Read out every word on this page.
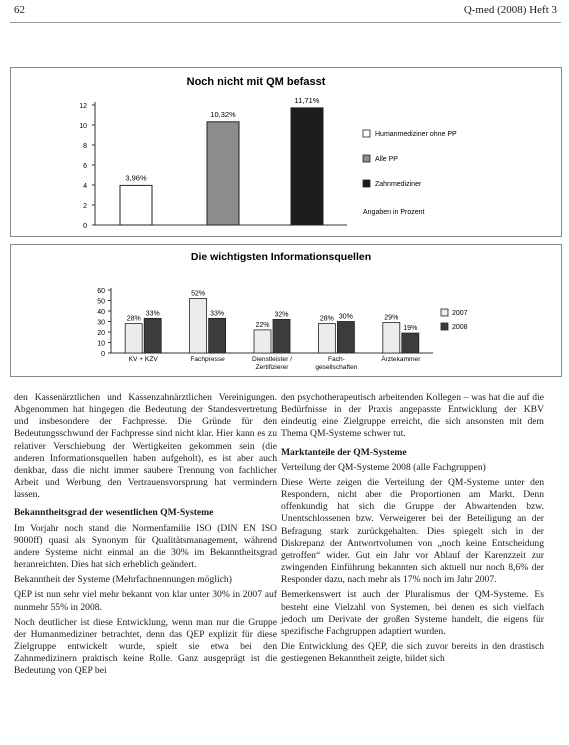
62	Q-med (2008) Heft 3
Noch nicht mit QM befasst
0
2
4
6
8
10
12
3,96%
10,32%
11,71%
Humanmediziner ohne PP
Alle PP
Zahnmediziner
Angaben in Prozent
Die wichtigsten Informationsquellen
0
10
20
30
40
50
60
28%
33%
KV + KZV
52%
33%
Fachpresse
22%
32%
Dienstleister /
Zertifizierer
28% 30%
Fach-
gesellschaften
29%
19%
Ärztekammer
2007
2008

den Kassenärztlichen und Kassenzahnärztlichen Vereinigungen. Abgenommen hat hingegen die Bedeutung der Standesvertretung und insbesondere der Fachpresse. Die Gründe für den Bedeutungsschwund der Fachpresse sind nicht klar. Hier kann es zu relativer Verschiebung der Wertigkeiten gekommen sein (die anderen Informationsquellen haben aufgeholt), es ist aber auch denkbar, dass die nicht immer saubere Trennung von fachlicher Arbeit und Werbung den Vertrauensvorsprung hat vermindern lassen.

Bekanntheitsgrad der wesentlichen QM-Systeme

Im Vorjahr noch stand die Normenfamilie ISO (DIN EN ISO 9000ff) quasi als Synonym für Qualitätsmanagement, während andere Systeme nicht einmal an die 30% im Bekanntheitsgrad heranreichten. Dies hat sich erheblich geändert.

Bekanntheit der Systeme (Mehrfachnennungen möglich)

QEP ist nun sehr viel mehr bekannt von klar unter 30% in 2007 auf nunmehr 55% in 2008.

Noch deutlicher ist diese Entwicklung, wenn man nur die Gruppe der Humanmediziner betrachtet, denn das QEP explizit für diese Zielgruppe entwickelt wurde, spielt sie etwa bei den Zahnmedizinern praktisch keine Rolle. Ganz ausgeprägt ist die Bedeutung von QEP bei

den psychotherapeutisch arbeitenden Kollegen – was hat die auf die Bedürfnisse in der Praxis angepasste Entwicklung der KBV eindeutig eine Zielgruppe erreicht, die sich ansonsten mit dem Thema QM-Systeme schwer tut.

Marktanteile der QM-Systeme

Verteilung der QM-Systeme 2008 (alle Fachgruppen)

Diese Werte zeigen die Verteilung der QM-Systeme unter den Respondern, nicht aber die Proportionen am Markt. Denn offenkundig hat sich die Gruppe der Abwartenden bzw. Unentschlossenen bzw. Verweigerer bei der Beteiligung an der Befragung stark zurückgehalten. Dies spiegelt sich in der Diskrepanz der Antwortvolumen von „noch keine Entscheidung getroffen“ wider. Gut ein Jahr vor Ablauf der Karenzzeit zur zwingenden Einführung bekannten sich aktuell nur noch 8,6% der Responder dazu, nach mehr als 17% noch im Jahr 2007.

Bemerkenswert ist auch der Pluralismus der QM-Systeme. Es besteht eine Vielzahl von Systemen, bei denen es sich vielfach jedoch um Derivate der großen Systeme handelt, die eigens für spezifische Fachgruppen adaptiert wurden.

Die Entwicklung des QEP, die sich zuvor bereits in den drastisch gestiegenen Bekanntheit zeigte, bildet sich
